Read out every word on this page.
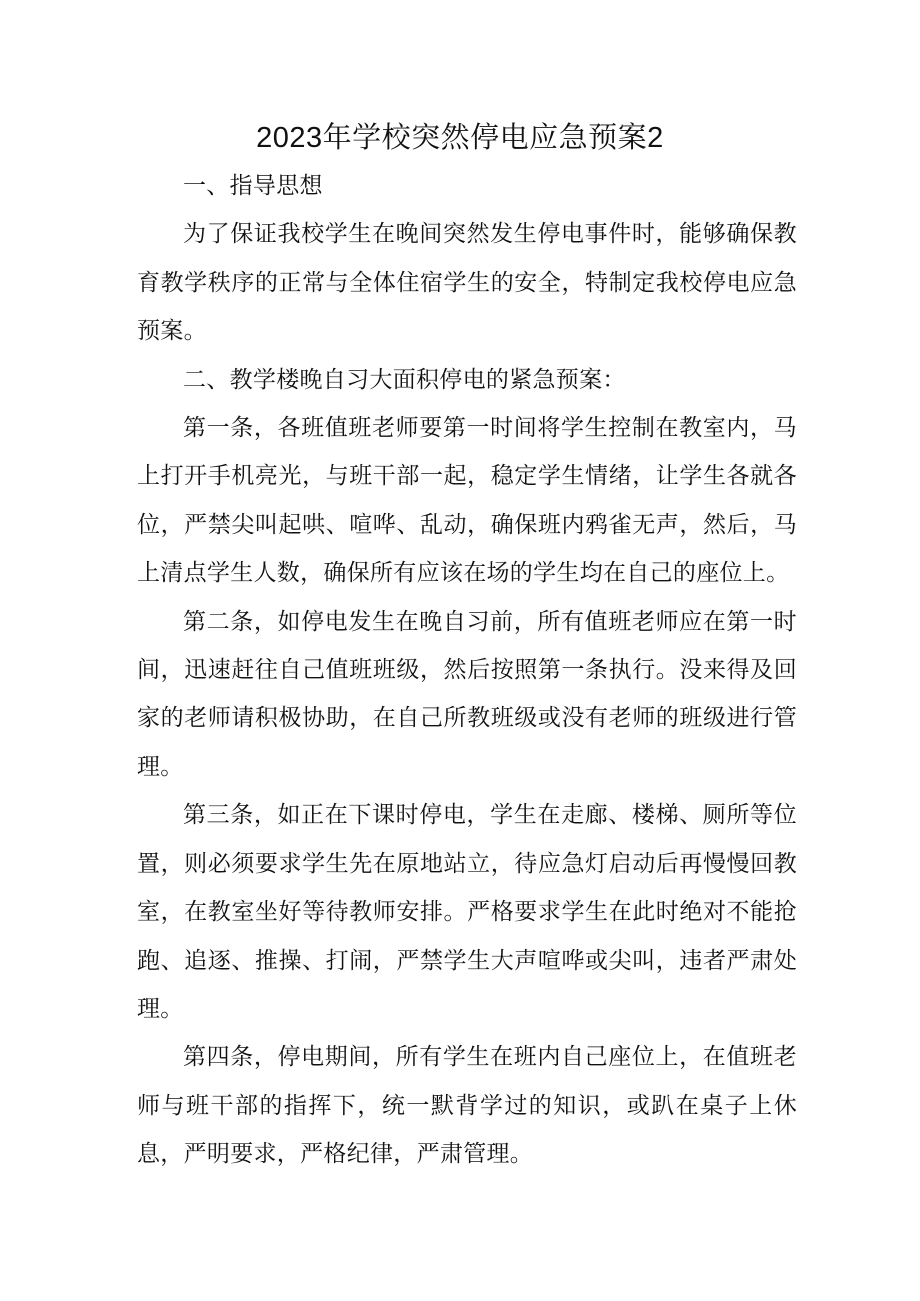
2023年学校突然停电应急预案2

一、指导思想

为了保证我校学生在晚间突然发生停电事件时，能够确保教育教学秩序的正常与全体住宿学生的安全，特制定我校停电应急预案。

二、教学楼晚自习大面积停电的紧急预案：

第一条，各班值班老师要第一时间将学生控制在教室内，马上打开手机亮光，与班干部一起，稳定学生情绪，让学生各就各位，严禁尖叫起哄、喧哗、乱动，确保班内鸦雀无声，然后，马上清点学生人数，确保所有应该在场的学生均在自己的座位上。

第二条，如停电发生在晚自习前，所有值班老师应在第一时间，迅速赶往自己值班班级，然后按照第一条执行。没来得及回家的老师请积极协助，在自己所教班级或没有老师的班级进行管理。

第三条，如正在下课时停电，学生在走廊、楼梯、厕所等位置，则必须要求学生先在原地站立，待应急灯启动后再慢慢回教室，在教室坐好等待教师安排。严格要求学生在此时绝对不能抢跑、追逐、推操、打闹，严禁学生大声喧哗或尖叫，违者严肃处理。

第四条，停电期间，所有学生在班内自己座位上，在值班老师与班干部的指挥下，统一默背学过的知识，或趴在桌子上休息，严明要求，严格纪律，严肃管理。
